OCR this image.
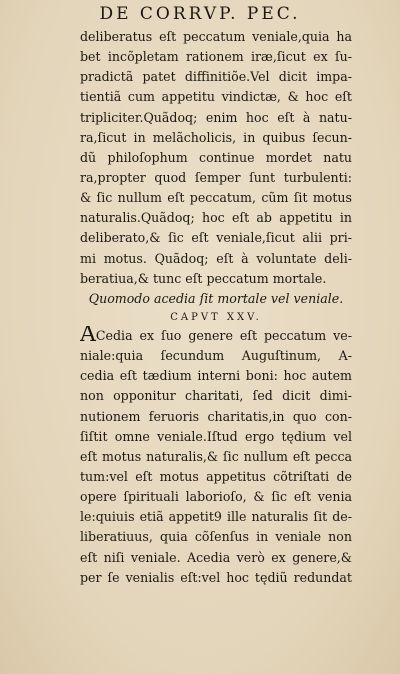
DE CORRVP. PEC.
deliberatus eſt peccatum veniale,quia ha
bet incõpletam rationem iræ,ſicut ex ſu-
pradictã patet diffinitiõe.Vel dicit impa-
tientiã cum appetitu vindictæ, & hoc eſt
tripliciter.Quãdoq; enim hoc eſt à natu-
ra,ſicut in melãcholicis, in quibus ſecun-
dũ philoſophum continue mordet natu
ra,propter quod ſemper ſunt turbulenti:
& ſic nullum eſt peccatum, cũm ſit motus
naturalis.Quãdoq; hoc eſt ab appetitu in
deliberato,& ſic eſt veniale,ſicut alii pri-
mi motus. Quãdoq; eſt à voluntate deli-
beratiua,& tunc eſt peccatum mortale.
Quomodo acedia ſit mortale vel veniale.
CAPVT XXV.
ACedia ex ſuo genere eſt peccatum ve-
niale:quia ſecundum Auguſtinum, A-
cedia eſt tædium interni boni: hoc autem
non opponitur charitati, ſed dicit dimi-
nutionem feruoris charitatis,in quo con-
ſiſtit omne veniale.Iſtud ergo tędium vel
eſt motus naturalis,& ſic nullum eſt pecca
tum:vel eſt motus appetitus cõtriſtati de
opere ſpirituali laborioſo, & ſic eſt venia
le:quiuis etiã appetit9 ille naturalis ſit de-
liberatiuus, quia cõſenſus in veniale non
eſt niſi veniale. Acedia verò ex genere,&
per ſe venialis eſt:vel hoc tędiũ redundat
